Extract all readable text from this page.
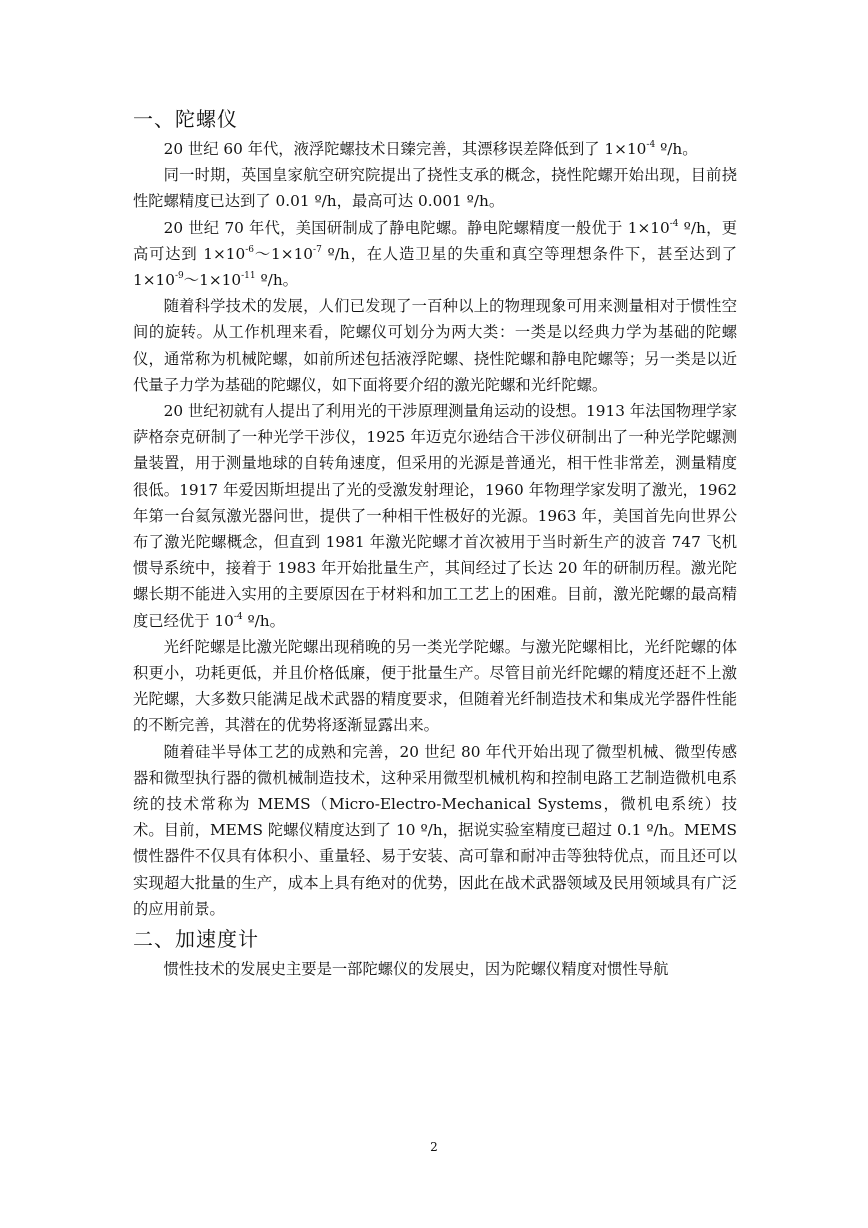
一、陀螺仪

20 世纪 60 年代，液浮陀螺技术日臻完善，其漂移误差降低到了 $1\times 10^{-4}$ º/h。

同一时期，英国皇家航空研究院提出了挠性支承的概念，挠性陀螺开始出现，目前挠性陀螺精度已达到了 0.01 º/h，最高可达 0.001 º/h。

20 世纪 70 年代，美国研制成了静电陀螺。静电陀螺精度一般优于 $1\times 10^{-4}$ º/h，更高可达到 $1\times 10^{-6}\sim 1\times 10^{-7}$ º/h，在人造卫星的失重和真空等理想条件下，甚至达到了 $1\times 10^{-9}\sim 1\times 10^{-11}$ º/h。

随着科学技术的发展，人们已发现了一百种以上的物理现象可用来测量相对于惯性空间的旋转。从工作机理来看，陀螺仪可划分为两大类：一类是以经典力学为基础的陀螺仪，通常称为机械陀螺，如前所述包括液浮陀螺、挠性陀螺和静电陀螺等；另一类是以近代量子力学为基础的陀螺仪，如下面将要介绍的激光陀螺和光纤陀螺。

20 世纪初就有人提出了利用光的干涉原理测量角运动的设想。1913 年法国物理学家萨格奈克研制了一种光学干涉仪，1925 年迈克尔逊结合干涉仪研制出了一种光学陀螺测量装置，用于测量地球的自转角速度，但采用的光源是普通光，相干性非常差，测量精度很低。1917 年爱因斯坦提出了光的受激发射理论，1960 年物理学家发明了激光，1962 年第一台氦氖激光器问世，提供了一种相干性极好的光源。1963 年，美国首先向世界公布了激光陀螺概念，但直到 1981 年激光陀螺才首次被用于当时新生产的波音 747 飞机惯导系统中，接着于 1983 年开始批量生产，其间经过了长达 20 年的研制历程。激光陀螺长期不能进入实用的主要原因在于材料和加工工艺上的困难。目前，激光陀螺的最高精度已经优于 $10^{-4}$ º/h。

光纤陀螺是比激光陀螺出现稍晚的另一类光学陀螺。与激光陀螺相比，光纤陀螺的体积更小，功耗更低，并且价格低廉，便于批量生产。尽管目前光纤陀螺的精度还赶不上激光陀螺，大多数只能满足战术武器的精度要求，但随着光纤制造技术和集成光学器件性能的不断完善，其潜在的优势将逐渐显露出来。

随着硅半导体工艺的成熟和完善，20 世纪 80 年代开始出现了微型机械、微型传感器和微型执行器的微机械制造技术，这种采用微型机械机构和控制电路工艺制造微机电系统的技术常称为 MEMS（Micro-Electro-Mechanical Systems，微机电系统）技术。目前，MEMS 陀螺仪精度达到了 10 º/h，据说实验室精度已超过 0.1 º/h。MEMS 惯性器件不仅具有体积小、重量轻、易于安装、高可靠和耐冲击等独特优点，而且还可以实现超大批量的生产，成本上具有绝对的优势，因此在战术武器领域及民用领域具有广泛的应用前景。

二、加速度计

惯性技术的发展史主要是一部陀螺仪的发展史，因为陀螺仪精度对惯性导航

2
